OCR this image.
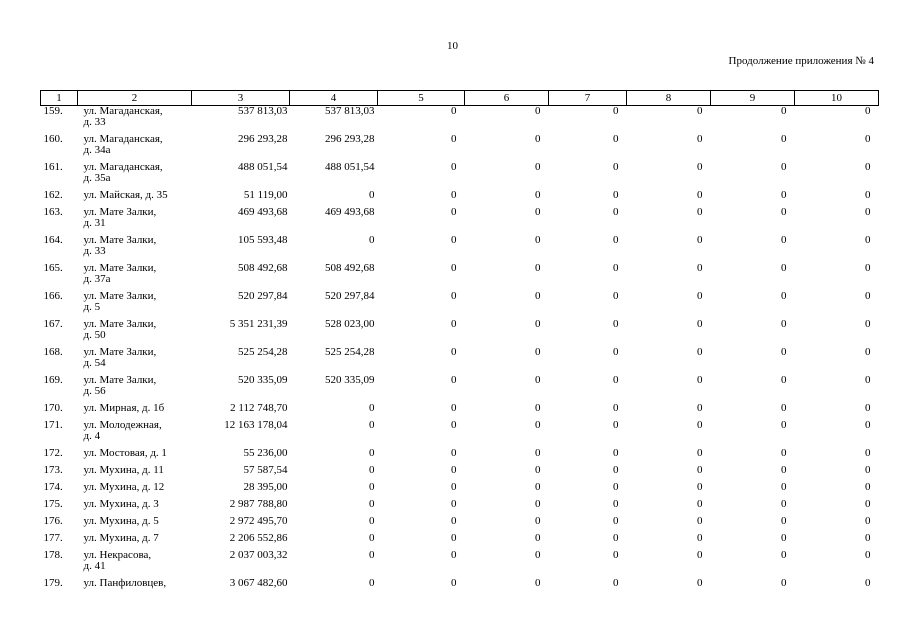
10
Продолжение приложения № 4
1	2	3	4	5	6	7	8	9	10
159.	ул. Магаданская,
д. 33	537 813,03	537 813,03	0	0	0	0	0	0
160.	ул. Магаданская,
д. 34а	296 293,28	296 293,28	0	0	0	0	0	0
161.	ул. Магаданская,
д. 35а	488 051,54	488 051,54	0	0	0	0	0	0
162.	ул. Майская, д. 35	51 119,00	0	0	0	0	0	0	0
163.	ул. Мате Залки,
д. 31	469 493,68	469 493,68	0	0	0	0	0	0
164.	ул. Мате Залки,
д. 33	105 593,48	0	0	0	0	0	0	0
165.	ул. Мате Залки,
д. 37а	508 492,68	508 492,68	0	0	0	0	0	0
166.	ул. Мате Залки,
д. 5	520 297,84	520 297,84	0	0	0	0	0	0
167.	ул. Мате Залки,
д. 50	5 351 231,39	528 023,00	0	0	0	0	0	0
168.	ул. Мате Залки,
д. 54	525 254,28	525 254,28	0	0	0	0	0	0
169.	ул. Мате Залки,
д. 56	520 335,09	520 335,09	0	0	0	0	0	0
170.	ул. Мирная, д. 1б	2 112 748,70	0	0	0	0	0	0	0
171.	ул. Молодежная,
д. 4	12 163 178,04	0	0	0	0	0	0	0
172.	ул. Мостовая, д. 1	55 236,00	0	0	0	0	0	0	0
173.	ул. Мухина, д. 11	57 587,54	0	0	0	0	0	0	0
174.	ул. Мухина, д. 12	28 395,00	0	0	0	0	0	0	0
175.	ул. Мухина, д. 3	2 987 788,80	0	0	0	0	0	0	0
176.	ул. Мухина, д. 5	2 972 495,70	0	0	0	0	0	0	0
177.	ул. Мухина, д. 7	2 206 552,86	0	0	0	0	0	0	0
178.	ул. Некрасова,
д. 41	2 037 003,32	0	0	0	0	0	0	0
179.	ул. Панфиловцев,	3 067 482,60	0	0	0	0	0	0	0
